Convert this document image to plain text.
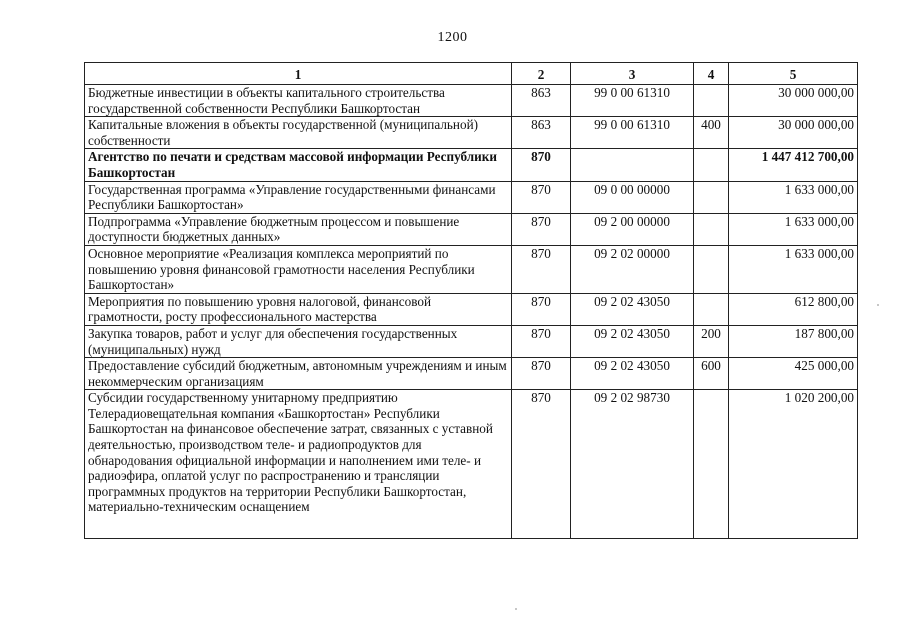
1200
1	2	3	4	5
Бюджетные инвестиции в объекты капитального строительства государственной собственности Республики Башкортостан	863	99 0 00 61310		30 000 000,00
Капитальные вложения в объекты государственной (муниципальной) собственности	863	99 0 00 61310	400	30 000 000,00
Агентство по печати и средствам массовой информации Республики Башкортостан	870			1 447 412 700,00
Государственная программа «Управление государственными финансами Республики Башкортостан»	870	09 0 00 00000		1 633 000,00
Подпрограмма «Управление бюджетным процессом и повышение доступности бюджетных данных»	870	09 2 00 00000		1 633 000,00
Основное мероприятие «Реализация комплекса мероприятий по повышению уровня финансовой грамотности населения Республики Башкортостан»	870	09 2 02 00000		1 633 000,00
Мероприятия по повышению уровня налоговой, финансовой грамотности, росту профессионального мастерства	870	09 2 02 43050		612 800,00
Закупка товаров, работ и услуг для обеспечения государственных (муниципальных) нужд	870	09 2 02 43050	200	187 800,00
Предоставление субсидий бюджетным, автономным учреждениям и иным некоммерческим организациям	870	09 2 02 43050	600	425 000,00
Субсидии государственному унитарному предприятию Телерадиовещательная компания «Башкортостан» Республики Башкортостан на финансовое обеспечение затрат, связанных с уставной деятельностью, производством теле- и радиопродуктов для обнародования официальной информации и наполнением ими теле- и радиоэфира, оплатой услуг по распространению и трансляции программных продуктов на территории Республики Башкортостан, материально-техническим оснащением	870	09 2 02 98730		1 020 200,00
